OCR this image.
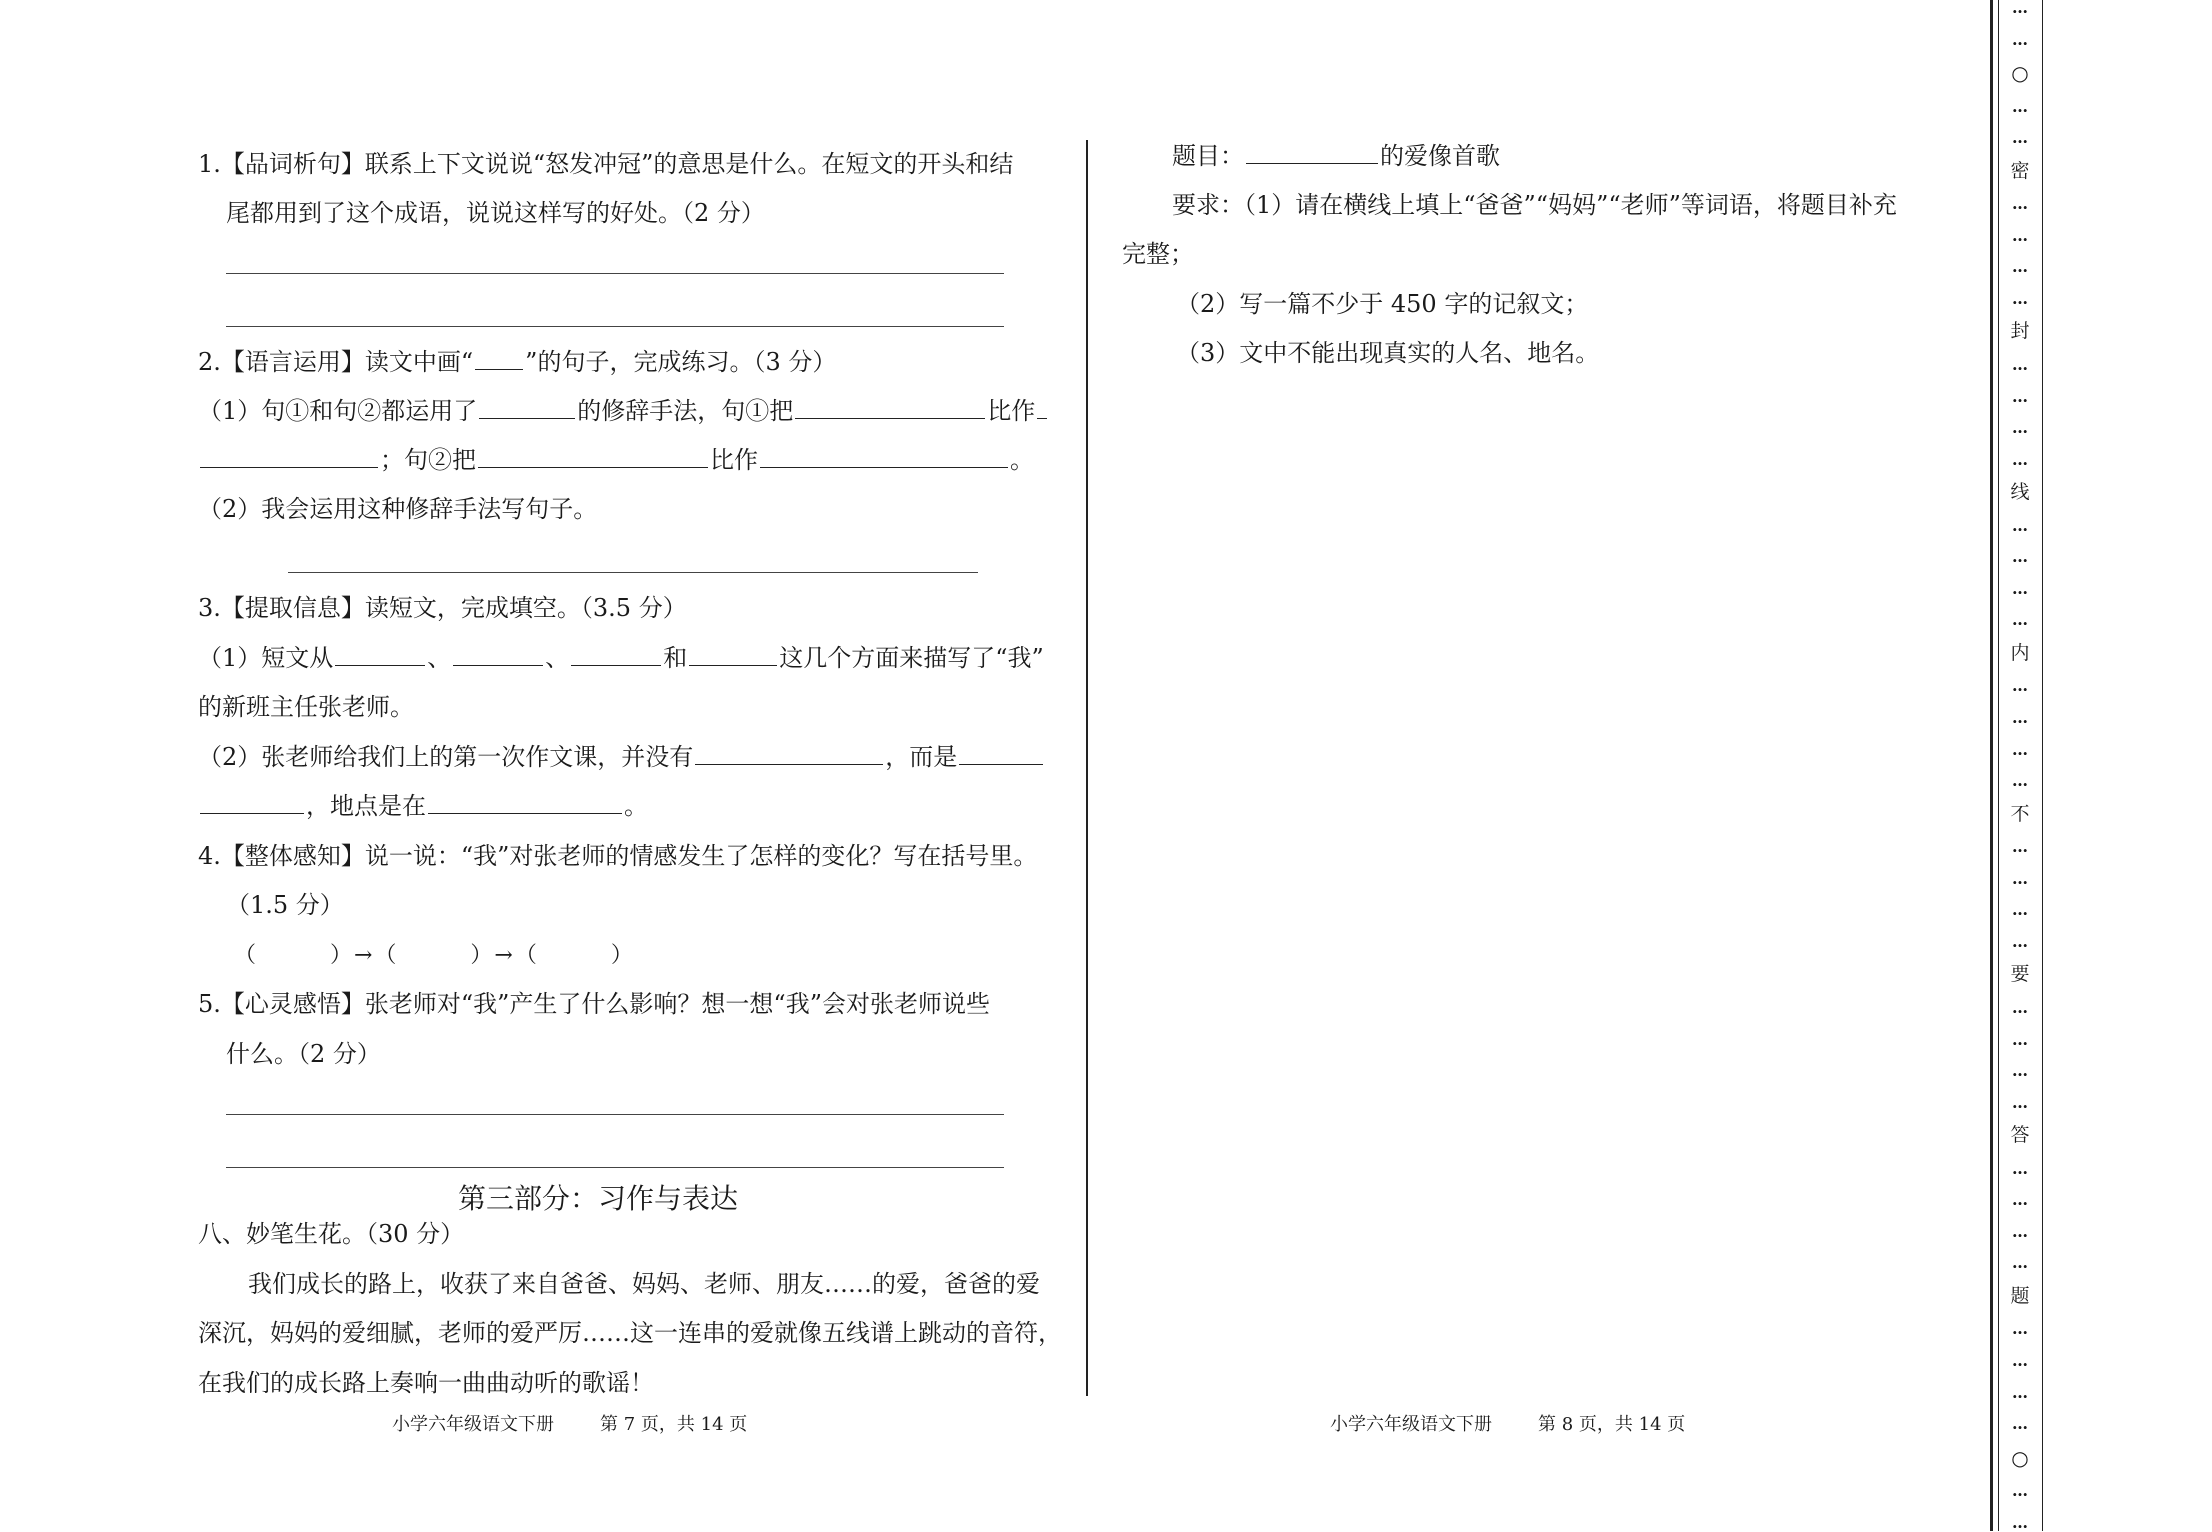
1.【品词析句】联系上下文说说“怒发冲冠”的意思是什么。在短文的开头和结
尾都用到了这个成语，说说这样写的好处。（2 分）
2.【语言运用】读文中画“ ”的句子，完成练习。（3 分）
（1）句①和句②都运用了	的修辞手法，句①把	比作
；句②把	比作	。
（2）我会运用这种修辞手法写句子。
3.【提取信息】读短文，完成填空。（3.5 分）
（1）短文从	、	、	和	这几个方面来描写了“我”
的新班主任张老师。
（2）张老师给我们上的第一次作文课，并没有	，而是
，地点是在	。
4.【整体感知】说一说：“我”对张老师的情感发生了怎样的变化？写在括号里。
（1.5 分）
（　　　）→（　　　）→（　　　）
5.【心灵感悟】张老师对“我”产生了什么影响？想一想“我”会对张老师说些
什么。（2 分）
第三部分：习作与表达
八、妙笔生花。（30 分）
我们成长的路上，收获了来自爸爸、妈妈、老师、朋友……的爱，爸爸的爱
深沉，妈妈的爱细腻，老师的爱严厉……这一连串的爱就像五线谱上跳动的音符，
在我们的成长路上奏响一曲曲动听的歌谣！
题目：	的爱像首歌
要求：（1）请在横线上填上“爸爸”“妈妈”“老师”等词语，将题目补充
完整；
（2）写一篇不少于 450 字的记叙文；
（3）文中不能出现真实的人名、地名。
小学六年级语文下册	第 7 页，共 14 页	小学六年级语文下册	第 8 页，共 14 页
…
…
○
…
…
密
…
…
…
…
封
…
…
…
…
线
…
…
…
…
内
…
…
…
…
不
…
…
…
…
要
…
…
…
…
答
…
…
…
…
题
…
…
…
…
○
…
…
